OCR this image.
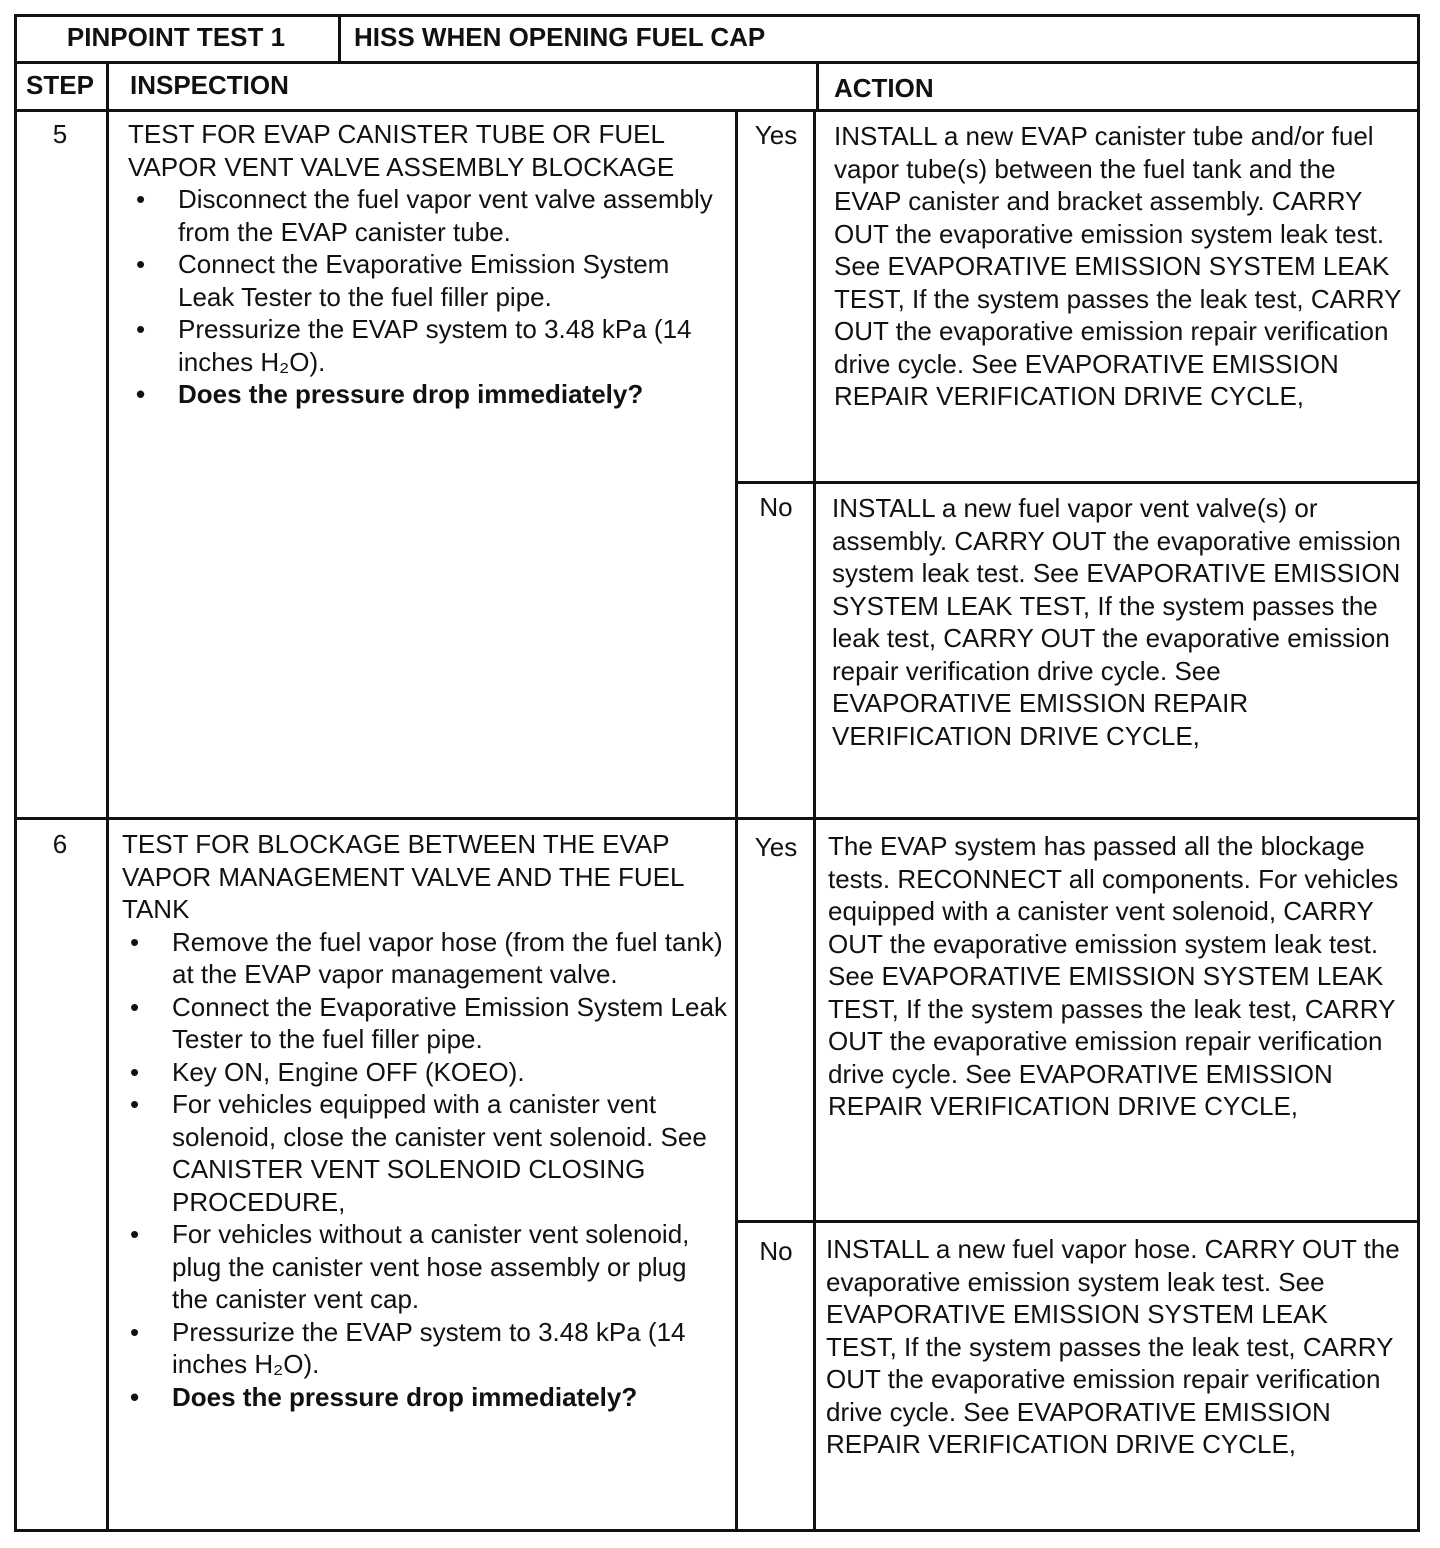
PINPOINT TEST 1	HISS WHEN OPENING FUEL CAP
STEP	INSPECTION	ACTION
5	TEST FOR EVAP CANISTER TUBE OR FUEL VAPOR VENT VALVE ASSEMBLY BLOCKAGE
• Disconnect the fuel vapor vent valve assembly from the EVAP canister tube.
• Connect the Evaporative Emission System Leak Tester to the fuel filler pipe.
• Pressurize the EVAP system to 3.48 kPa (14 inches H₂O).
• Does the pressure drop immediately?
Yes	INSTALL a new EVAP canister tube and/or fuel vapor tube(s) between the fuel tank and the EVAP canister and bracket assembly. CARRY OUT the evaporative emission system leak test. See EVAPORATIVE EMISSION SYSTEM LEAK TEST, If the system passes the leak test, CARRY OUT the evaporative emission repair verification drive cycle. See EVAPORATIVE EMISSION REPAIR VERIFICATION DRIVE CYCLE,
No	INSTALL a new fuel vapor vent valve(s) or assembly. CARRY OUT the evaporative emission system leak test. See EVAPORATIVE EMISSION SYSTEM LEAK TEST, If the system passes the leak test, CARRY OUT the evaporative emission repair verification drive cycle. See EVAPORATIVE EMISSION REPAIR VERIFICATION DRIVE CYCLE,
6	TEST FOR BLOCKAGE BETWEEN THE EVAP VAPOR MANAGEMENT VALVE AND THE FUEL TANK
• Remove the fuel vapor hose (from the fuel tank) at the EVAP vapor management valve.
• Connect the Evaporative Emission System Leak Tester to the fuel filler pipe.
• Key ON, Engine OFF (KOEO).
• For vehicles equipped with a canister vent solenoid, close the canister vent solenoid. See CANISTER VENT SOLENOID CLOSING PROCEDURE,
• For vehicles without a canister vent solenoid, plug the canister vent hose assembly or plug the canister vent cap.
• Pressurize the EVAP system to 3.48 kPa (14 inches H₂O).
• Does the pressure drop immediately?
Yes	The EVAP system has passed all the blockage tests. RECONNECT all components. For vehicles equipped with a canister vent solenoid, CARRY OUT the evaporative emission system leak test. See EVAPORATIVE EMISSION SYSTEM LEAK TEST, If the system passes the leak test, CARRY OUT the evaporative emission repair verification drive cycle. See EVAPORATIVE EMISSION REPAIR VERIFICATION DRIVE CYCLE,
No	INSTALL a new fuel vapor hose. CARRY OUT the evaporative emission system leak test. See EVAPORATIVE EMISSION SYSTEM LEAK TEST, If the system passes the leak test, CARRY OUT the evaporative emission repair verification drive cycle. See EVAPORATIVE EMISSION REPAIR VERIFICATION DRIVE CYCLE,
